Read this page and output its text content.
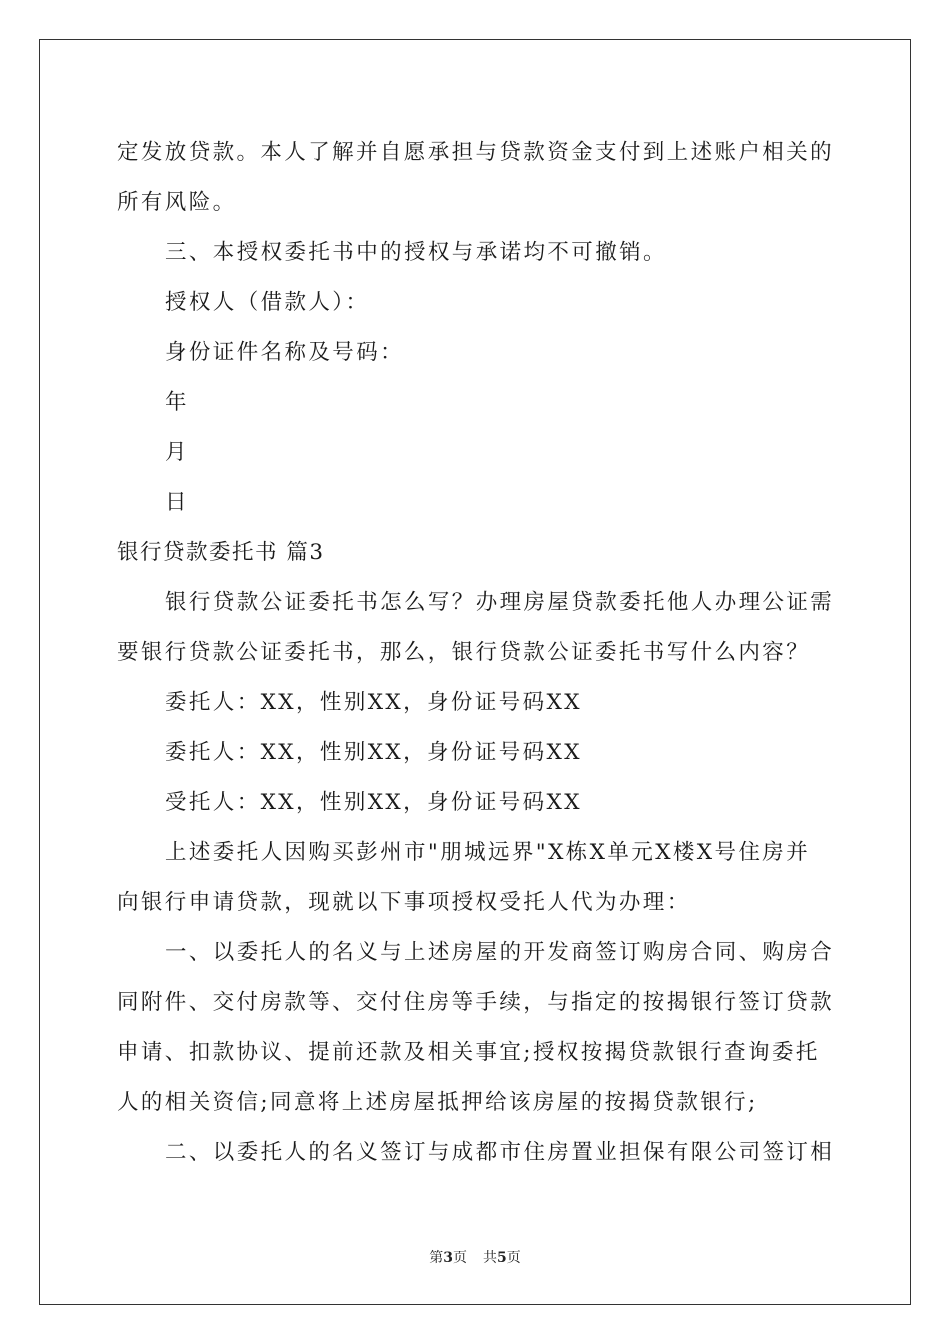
定发放贷款。本人了解并自愿承担与贷款资金支付到上述账户相关的
所有风险。
三、本授权委托书中的授权与承诺均不可撤销。
授权人（借款人）：
身份证件名称及号码：
年
月
日
银行贷款委托书 篇3
银行贷款公证委托书怎么写？办理房屋贷款委托他人办理公证需
要银行贷款公证委托书，那么，银行贷款公证委托书写什么内容？
委托人：XX，性别XX，身份证号码XX
委托人：XX，性别XX，身份证号码XX
受托人：XX，性别XX，身份证号码XX
上述委托人因购买彭州市"朋城远界"X栋X单元X楼X号住房并
向银行申请贷款，现就以下事项授权受托人代为办理：
一、以委托人的名义与上述房屋的开发商签订购房合同、购房合
同附件、交付房款等、交付住房等手续，与指定的按揭银行签订贷款
申请、扣款协议、提前还款及相关事宜;授权按揭贷款银行查询委托
人的相关资信;同意将上述房屋抵押给该房屋的按揭贷款银行;
二、以委托人的名义签订与成都市住房置业担保有限公司签订相
第3页 共5页
